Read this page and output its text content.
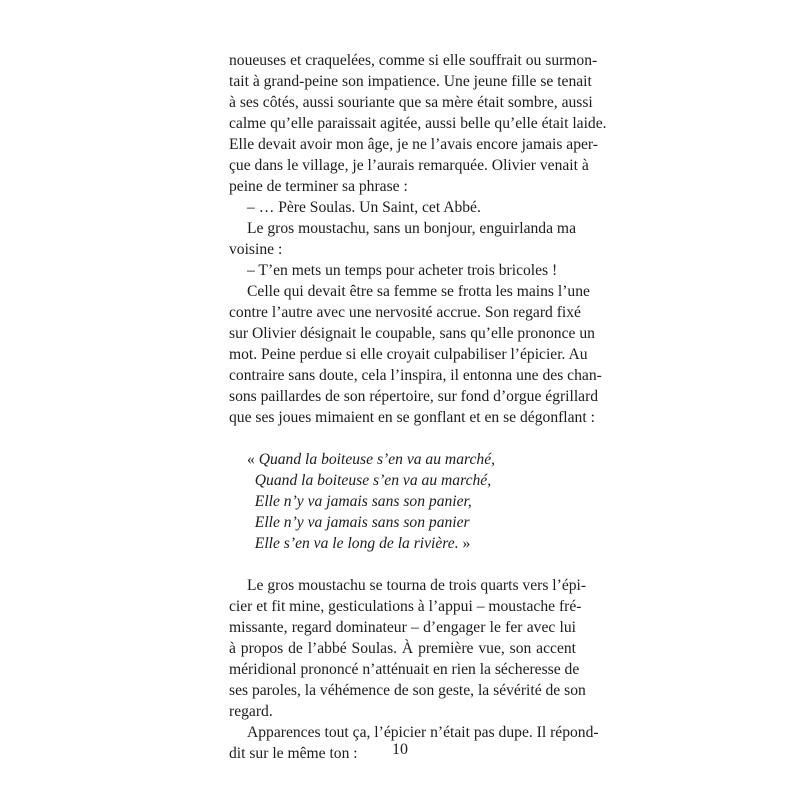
noueuses et craquelées, comme si elle souffrait ou surmon-
tait à grand-peine son impatience. Une jeune fille se tenait
à ses côtés, aussi souriante que sa mère était sombre, aussi
calme qu’elle paraissait agitée, aussi belle qu’elle était laide.
Elle devait avoir mon âge, je ne l’avais encore jamais aper-
çue dans le village, je l’aurais remarquée. Olivier venait à
peine de terminer sa phrase :
– … Père Soulas. Un Saint, cet Abbé.
Le gros moustachu, sans un bonjour, enguirlanda ma
voisine :
– T’en mets un temps pour acheter trois bricoles !
Celle qui devait être sa femme se frotta les mains l’une
contre l’autre avec une nervosité accrue. Son regard fixé
sur Olivier désignait le coupable, sans qu’elle prononce un
mot. Peine perdue si elle croyait culpabiliser l’épicier. Au
contraire sans doute, cela l’inspira, il entonna une des chan-
sons paillardes de son répertoire, sur fond d’orgue égrillard
que ses joues mimaient en se gonflant et en se dégonflant :
« Quand la boiteuse s’en va au marché,
Quand la boiteuse s’en va au marché,
Elle n’y va jamais sans son panier,
Elle n’y va jamais sans son panier
Elle s’en va le long de la rivière. »
Le gros moustachu se tourna de trois quarts vers l’épi-
cier et fit mine, gesticulations à l’appui – moustache fré-
missante, regard dominateur – d’engager le fer avec lui
à propos de l’abbé Soulas. À première vue, son accent
méridional prononcé n’atténuait en rien la sécheresse de
ses paroles, la véhémence de son geste, la sévérité de son
regard.
Apparences tout ça, l’épicier n’était pas dupe. Il répond-
dit sur le même ton :	10
